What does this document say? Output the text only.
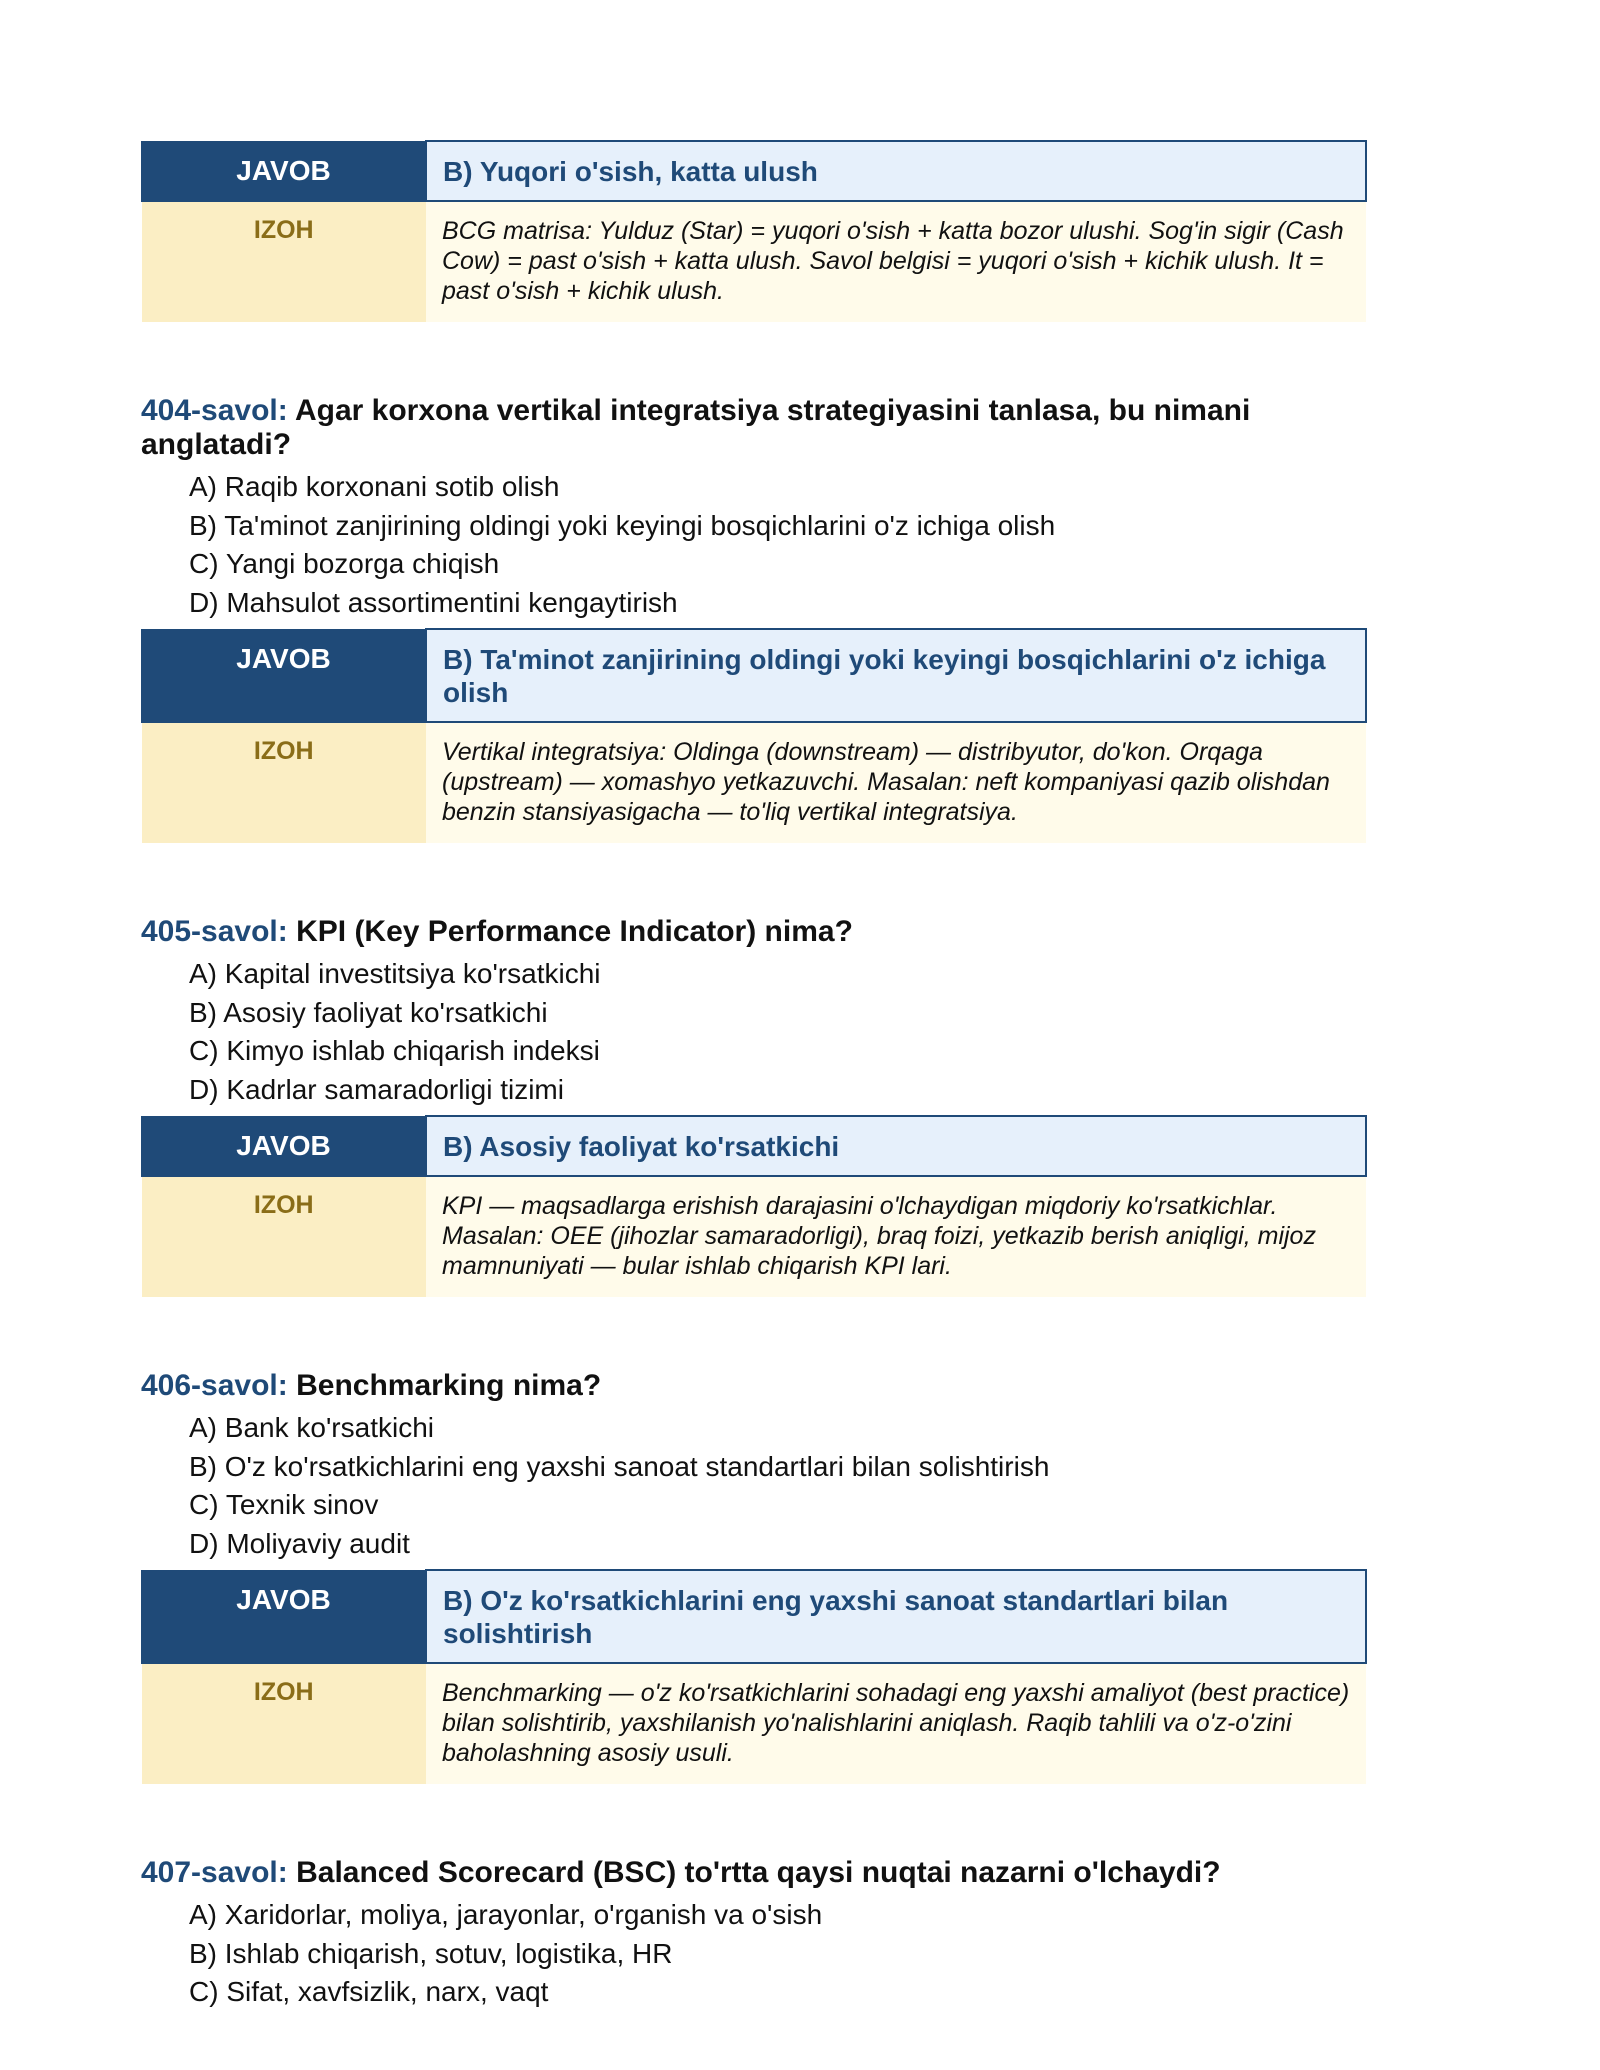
JAVOB	B) Yuqori o'sish, katta ulush
IZOH	BCG matrisa: Yulduz (Star) = yuqori o'sish + katta bozor ulushi. Sog'in sigir (Cash Cow) = past o'sish + katta ulush. Savol belgisi = yuqori o'sish + kichik ulush. It = past o'sish + kichik ulush.

404-savol: Agar korxona vertikal integratsiya strategiyasini tanlasa, bu nimani anglatadi?

A) Raqib korxonani sotib olish
B) Ta'minot zanjirining oldingi yoki keyingi bosqichlarini o'z ichiga olish
C) Yangi bozorga chiqish
D) Mahsulot assortimentini kengaytirish
JAVOB	B) Ta'minot zanjirining oldingi yoki keyingi bosqichlarini o'z ichiga olish
IZOH	Vertikal integratsiya: Oldinga (downstream) — distribyutor, do'kon. Orqaga (upstream) — xomashyo yetkazuvchi. Masalan: neft kompaniyasi qazib olishdan benzin stansiyasigacha — to'liq vertikal integratsiya.

405-savol: KPI (Key Performance Indicator) nima?

A) Kapital investitsiya ko'rsatkichi
B) Asosiy faoliyat ko'rsatkichi
C) Kimyo ishlab chiqarish indeksi
D) Kadrlar samaradorligi tizimi
JAVOB	B) Asosiy faoliyat ko'rsatkichi
IZOH	KPI — maqsadlarga erishish darajasini o'lchaydigan miqdoriy ko'rsatkichlar. Masalan: OEE (jihozlar samaradorligi), braq foizi, yetkazib berish aniqligi, mijoz mamnuniyati — bular ishlab chiqarish KPI lari.

406-savol: Benchmarking nima?

A) Bank ko'rsatkichi
B) O'z ko'rsatkichlarini eng yaxshi sanoat standartlari bilan solishtirish
C) Texnik sinov
D) Moliyaviy audit
JAVOB	B) O'z ko'rsatkichlarini eng yaxshi sanoat standartlari bilan solishtirish
IZOH	Benchmarking — o'z ko'rsatkichlarini sohadagi eng yaxshi amaliyot (best practice) bilan solishtirib, yaxshilanish yo'nalishlarini aniqlash. Raqib tahlili va o'z-o'zini baholashning asosiy usuli.

407-savol: Balanced Scorecard (BSC) to'rtta qaysi nuqtai nazarni o'lchaydi?

A) Xaridorlar, moliya, jarayonlar, o'rganish va o'sish
B) Ishlab chiqarish, sotuv, logistika, HR
C) Sifat, xavfsizlik, narx, vaqt
